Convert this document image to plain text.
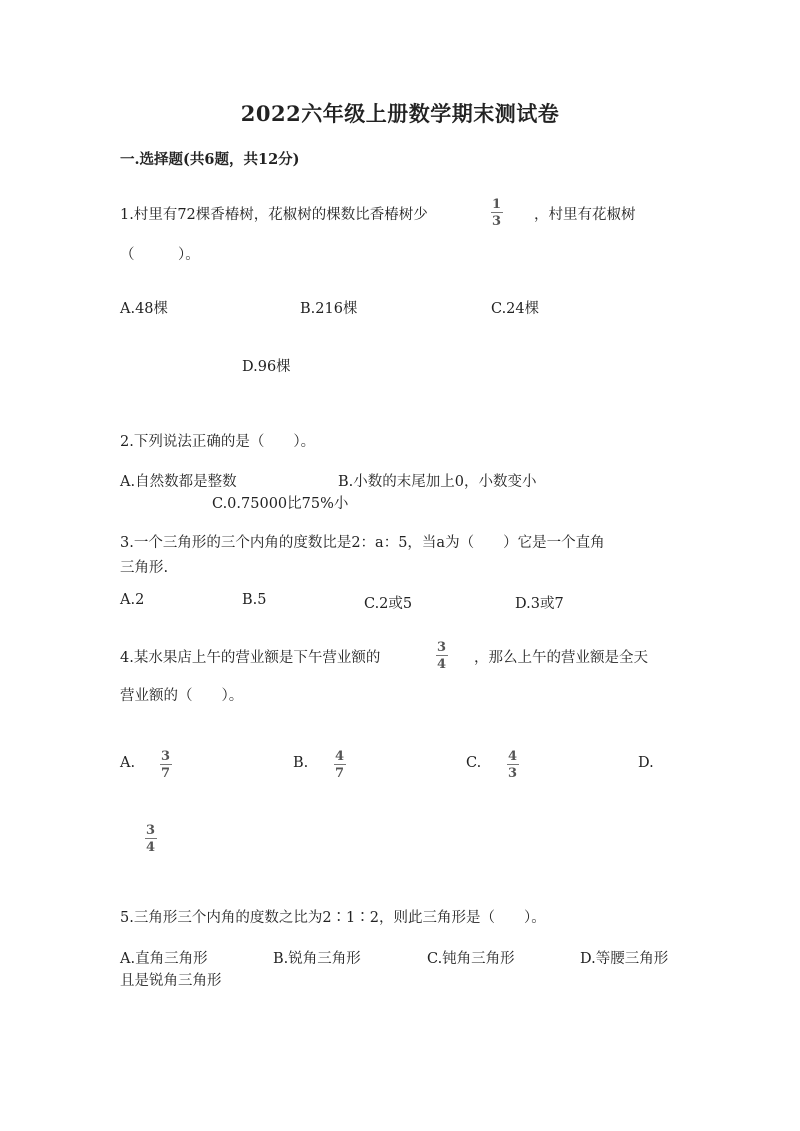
2022六年级上册数学期末测试卷
一.选择题(共6题，共12分)
1.村里有72棵香椿树，花椒树的棵数比香椿树少
1
3 ，村里有花椒树
（　　　）。
A.48棵	B.216棵	C.24棵
D.96棵
2.下列说法正确的是（　　）。
A.自然数都是整数	B.小数的末尾加上0，小数变小
C.0.75000比75%小
3.一个三角形的三个内角的度数比是2：a：5，当a为（　　）它是一个直角
三角形.
A.2	B.5	C.2或5	D.3或7
4.某水果店上午的营业额是下午营业额的
3
4 ，那么上午的营业额是全天
营业额的（　　）。
A. 3
7
B. 4
7
C. 4
3
D.
3
4
5.三角形三个内角的度数之比为2∶1∶2，则此三角形是（　　）。
A.直角三角形	B.锐角三角形	C.钝角三角形	D.等腰三角形
且是锐角三角形
